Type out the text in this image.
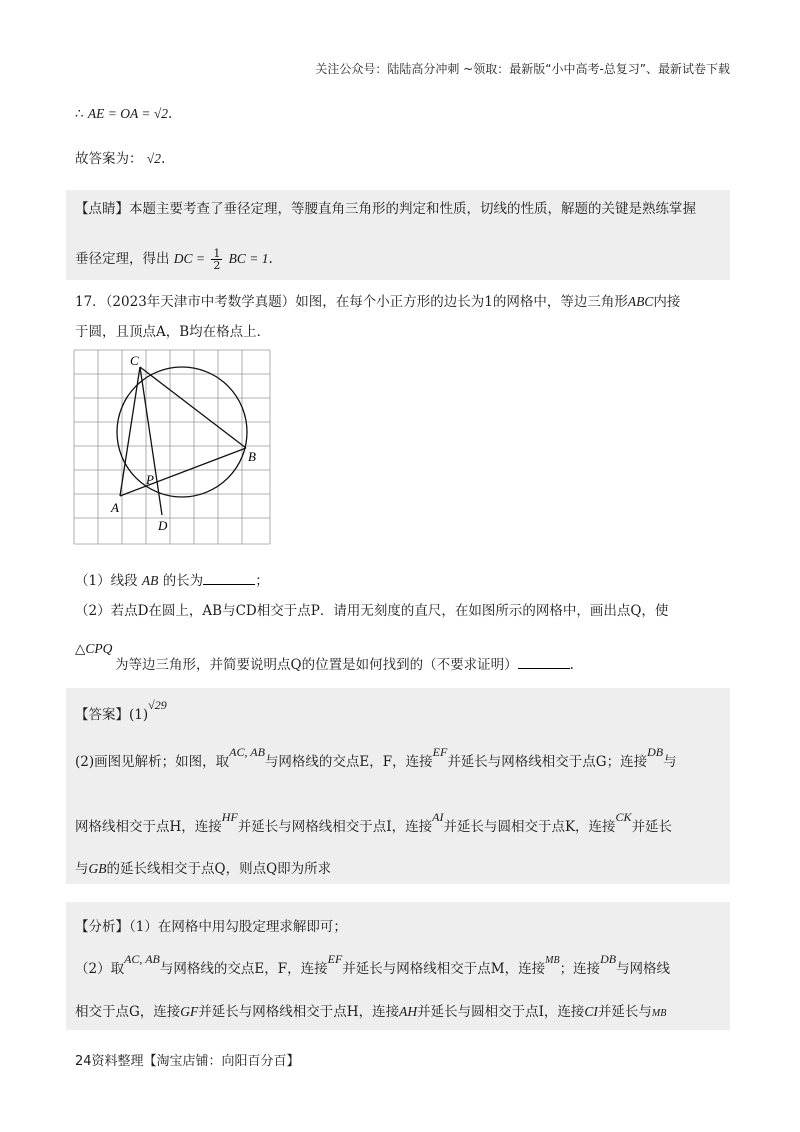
关注公众号：陆陆高分冲刺 ~领取：最新版“小中高考-总复习”、最新试卷下载
∴ AE = OA = √2.
故答案为： √2.
【点睛】本题主要考查了垂径定理，等腰直角三角形的判定和性质，切线的性质，解题的关键是熟练掌握
垂径定理，得出 DC = $\frac{1}{2}$ BC = 1.
17．（2023年天津市中考数学真题）如图，在每个小正方形的边长为1的网格中，等边三角形ABC内接
于圆，且顶点A，B均在格点上．
C
B
A
P
D
（1）线段 AB 的长为	；
（2）若点D在圆上，AB与CD相交于点P．请用无刻度的直尺，在如图所示的网格中，画出点Q，使
△CPQ
为等边三角形，并简要说明点Q的位置是如何找到的（不要求证明）	.
【答案】(1)√29
(2)画图见解析；如图，取AC, AB与网格线的交点E，F，连接EF并延长与网格线相交于点G；连接DB与
网格线相交于点H，连接HF并延长与网格线相交于点I，连接AI并延长与圆相交于点K，连接CK并延长
与GB的延长线相交于点Q，则点Q即为所求
【分析】（1）在网格中用勾股定理求解即可；
（2）取AC, AB与网格线的交点E，F，连接EF并延长与网格线相交于点M，连接$^{MB}$；连接DB与网格线
相交于点G，连接GF并延长与网格线相交于点H，连接AH并延长与圆相交于点I，连接CI并延长与MB
24资料整理【淘宝店铺：向阳百分百】
